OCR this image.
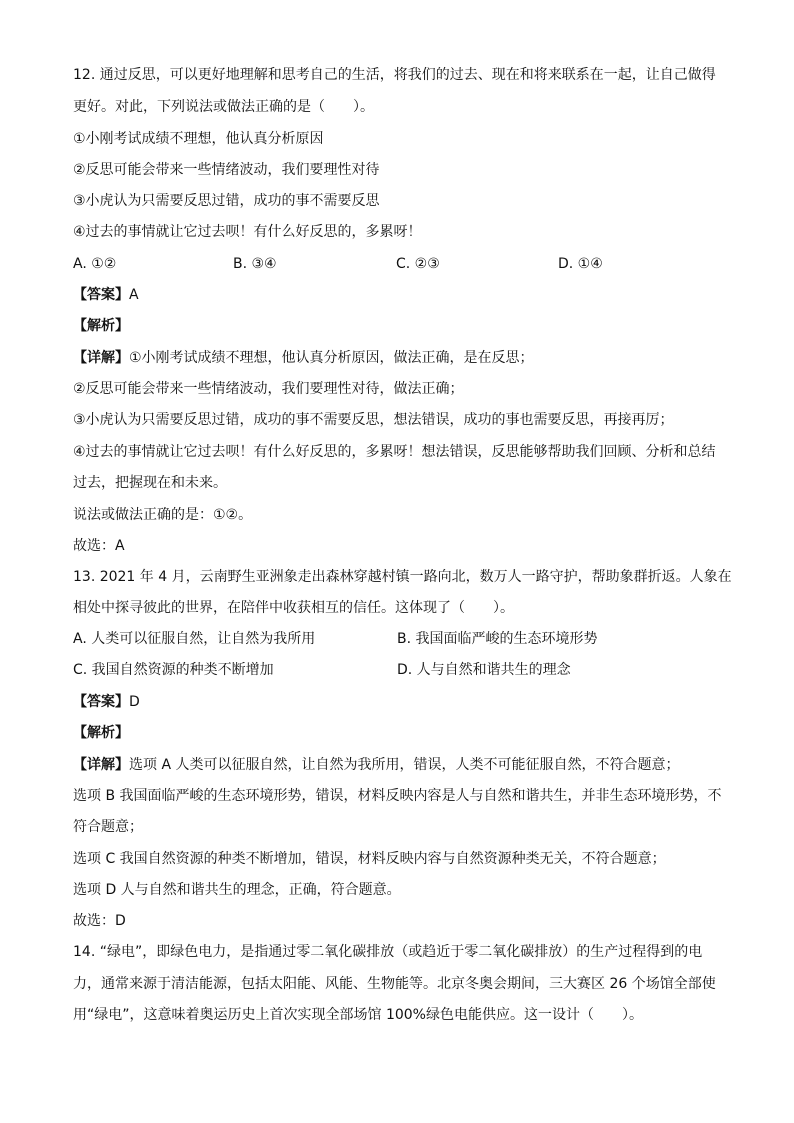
12. 通过反思，可以更好地理解和思考自己的生活，将我们的过去、现在和将来联系在一起，让自己做得
更好。对此，下列说法或做法正确的是（　　）。
①小刚考试成绩不理想，他认真分析原因
②反思可能会带来一些情绪波动，我们要理性对待
③小虎认为只需要反思过错，成功的事不需要反思
④过去的事情就让它过去呗！有什么好反思的，多累呀！
A. ①②	B. ③④	C. ②③	D. ①④
【答案】A
【解析】
【详解】①小刚考试成绩不理想，他认真分析原因，做法正确，是在反思；
②反思可能会带来一些情绪波动，我们要理性对待，做法正确；
③小虎认为只需要反思过错，成功的事不需要反思，想法错误，成功的事也需要反思，再接再厉；
④过去的事情就让它过去呗！有什么好反思的，多累呀！想法错误，反思能够帮助我们回顾、分析和总结
过去，把握现在和未来。
说法或做法正确的是：①②。
故选：A
13. 2021 年 4 月，云南野生亚洲象走出森林穿越村镇一路向北，数万人一路守护，帮助象群折返。人象在
相处中探寻彼此的世界，在陪伴中收获相互的信任。这体现了（　　）。
A. 人类可以征服自然，让自然为我所用	B. 我国面临严峻的生态环境形势
C. 我国自然资源的种类不断增加	D. 人与自然和谐共生的理念
【答案】D
【解析】
【详解】选项 A 人类可以征服自然，让自然为我所用，错误，人类不可能征服自然，不符合题意；
选项 B 我国面临严峻的生态环境形势，错误，材料反映内容是人与自然和谐共生，并非生态环境形势，不
符合题意；
选项 C 我国自然资源的种类不断增加，错误，材料反映内容与自然资源种类无关，不符合题意；
选项 D 人与自然和谐共生的理念，正确，符合题意。
故选：D
14. “绿电”，即绿色电力，是指通过零二氧化碳排放（或趋近于零二氧化碳排放）的生产过程得到的电
力，通常来源于清洁能源，包括太阳能、风能、生物能等。北京冬奥会期间，三大赛区 26 个场馆全部使
用“绿电”，这意味着奥运历史上首次实现全部场馆 100%绿色电能供应。这一设计（　　）。
